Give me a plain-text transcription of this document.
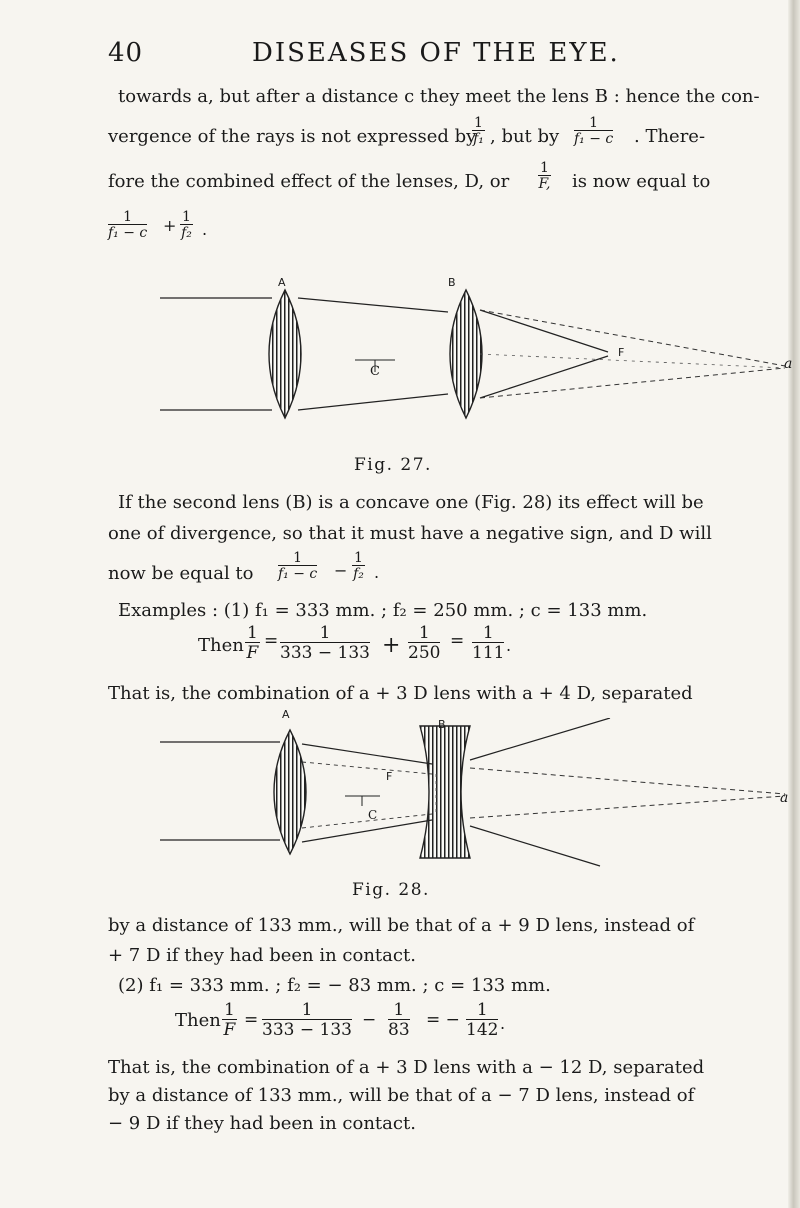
40	DISEASES OF THE EYE.
towards a, but after a distance c they meet the lens B : hence the con-
vergence of the rays is not expressed by
$\frac{1}{\text{f₁}}$ , but by $\frac{1}{\text{f₁ − c}}$ . There-
fore the combined effect of the lenses, D, or $\frac{1}{F,}$ is now equal to
$\frac{1}{\text{f₁ − c}} + \frac{1}{\text{f₂}}$ .
A	B
C
F
a
Fig. 27.
If the second lens (B) is a concave one (Fig. 28) its effect will be
one of divergence, so that it must have a negative sign, and D will
now be equal to $\frac{1}{\text{f₁ − c}} - \frac{1}{\text{f₂}}$ .
Examples : (1) f₁ = 333 mm. ; f₂ = 250 mm. ; c = 133 mm.
Then $\frac{1}{F} = \frac{1}{333 - 133} + \frac{1}{250} = \frac{1}{111}$ .
That is, the combination of a + 3 D lens with a + 4 D, separated
A
B
F
C
a
Fig. 28.
by a distance of 133 mm., will be that of a + 9 D lens, instead of
+ 7 D if they had been in contact.
(2) f₁ = 333 mm. ; f₂ = − 83 mm. ; c = 133 mm.
Then $\frac{1}{F} = \frac{1}{333 - 133} - \frac{1}{83}$ = − $\frac{1}{142}$ .
That is, the combination of a + 3 D lens with a − 12 D, separated
by a distance of 133 mm., will be that of a − 7 D lens, instead of
− 9 D if they had been in contact.
